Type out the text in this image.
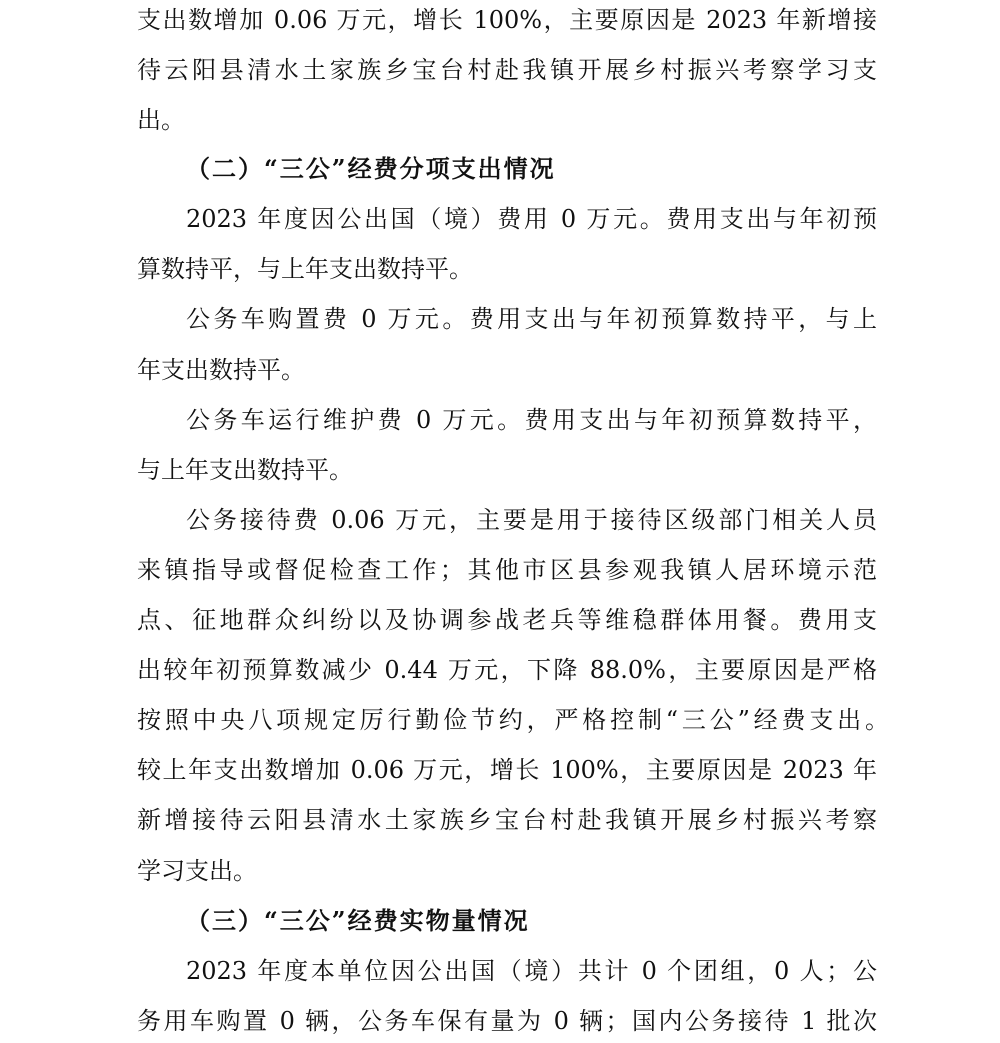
支出数增加 0.06 万元，增长 100%，主要原因是 2023 年新增接
待云阳县清水土家族乡宝台村赴我镇开展乡村振兴考察学习支
出。
（二）“三公”经费分项支出情况
2023 年度因公出国（境）费用 0 万元。费用支出与年初预
算数持平，与上年支出数持平。
公务车购置费 0 万元。费用支出与年初预算数持平，与上
年支出数持平。
公务车运行维护费 0 万元。费用支出与年初预算数持平，
与上年支出数持平。
公务接待费 0.06 万元，主要是用于接待区级部门相关人员
来镇指导或督促检查工作；其他市区县参观我镇人居环境示范
点、征地群众纠纷以及协调参战老兵等维稳群体用餐。费用支
出较年初预算数减少 0.44 万元，下降 88.0%，主要原因是严格
按照中央八项规定厉行勤俭节约，严格控制“三公”经费支出。
较上年支出数增加 0.06 万元，增长 100%，主要原因是 2023 年
新增接待云阳县清水土家族乡宝台村赴我镇开展乡村振兴考察
学习支出。
（三）“三公”经费实物量情况
2023 年度本单位因公出国（境）共计 0 个团组，0 人；公
务用车购置 0 辆，公务车保有量为 0 辆；国内公务接待 1 批次
